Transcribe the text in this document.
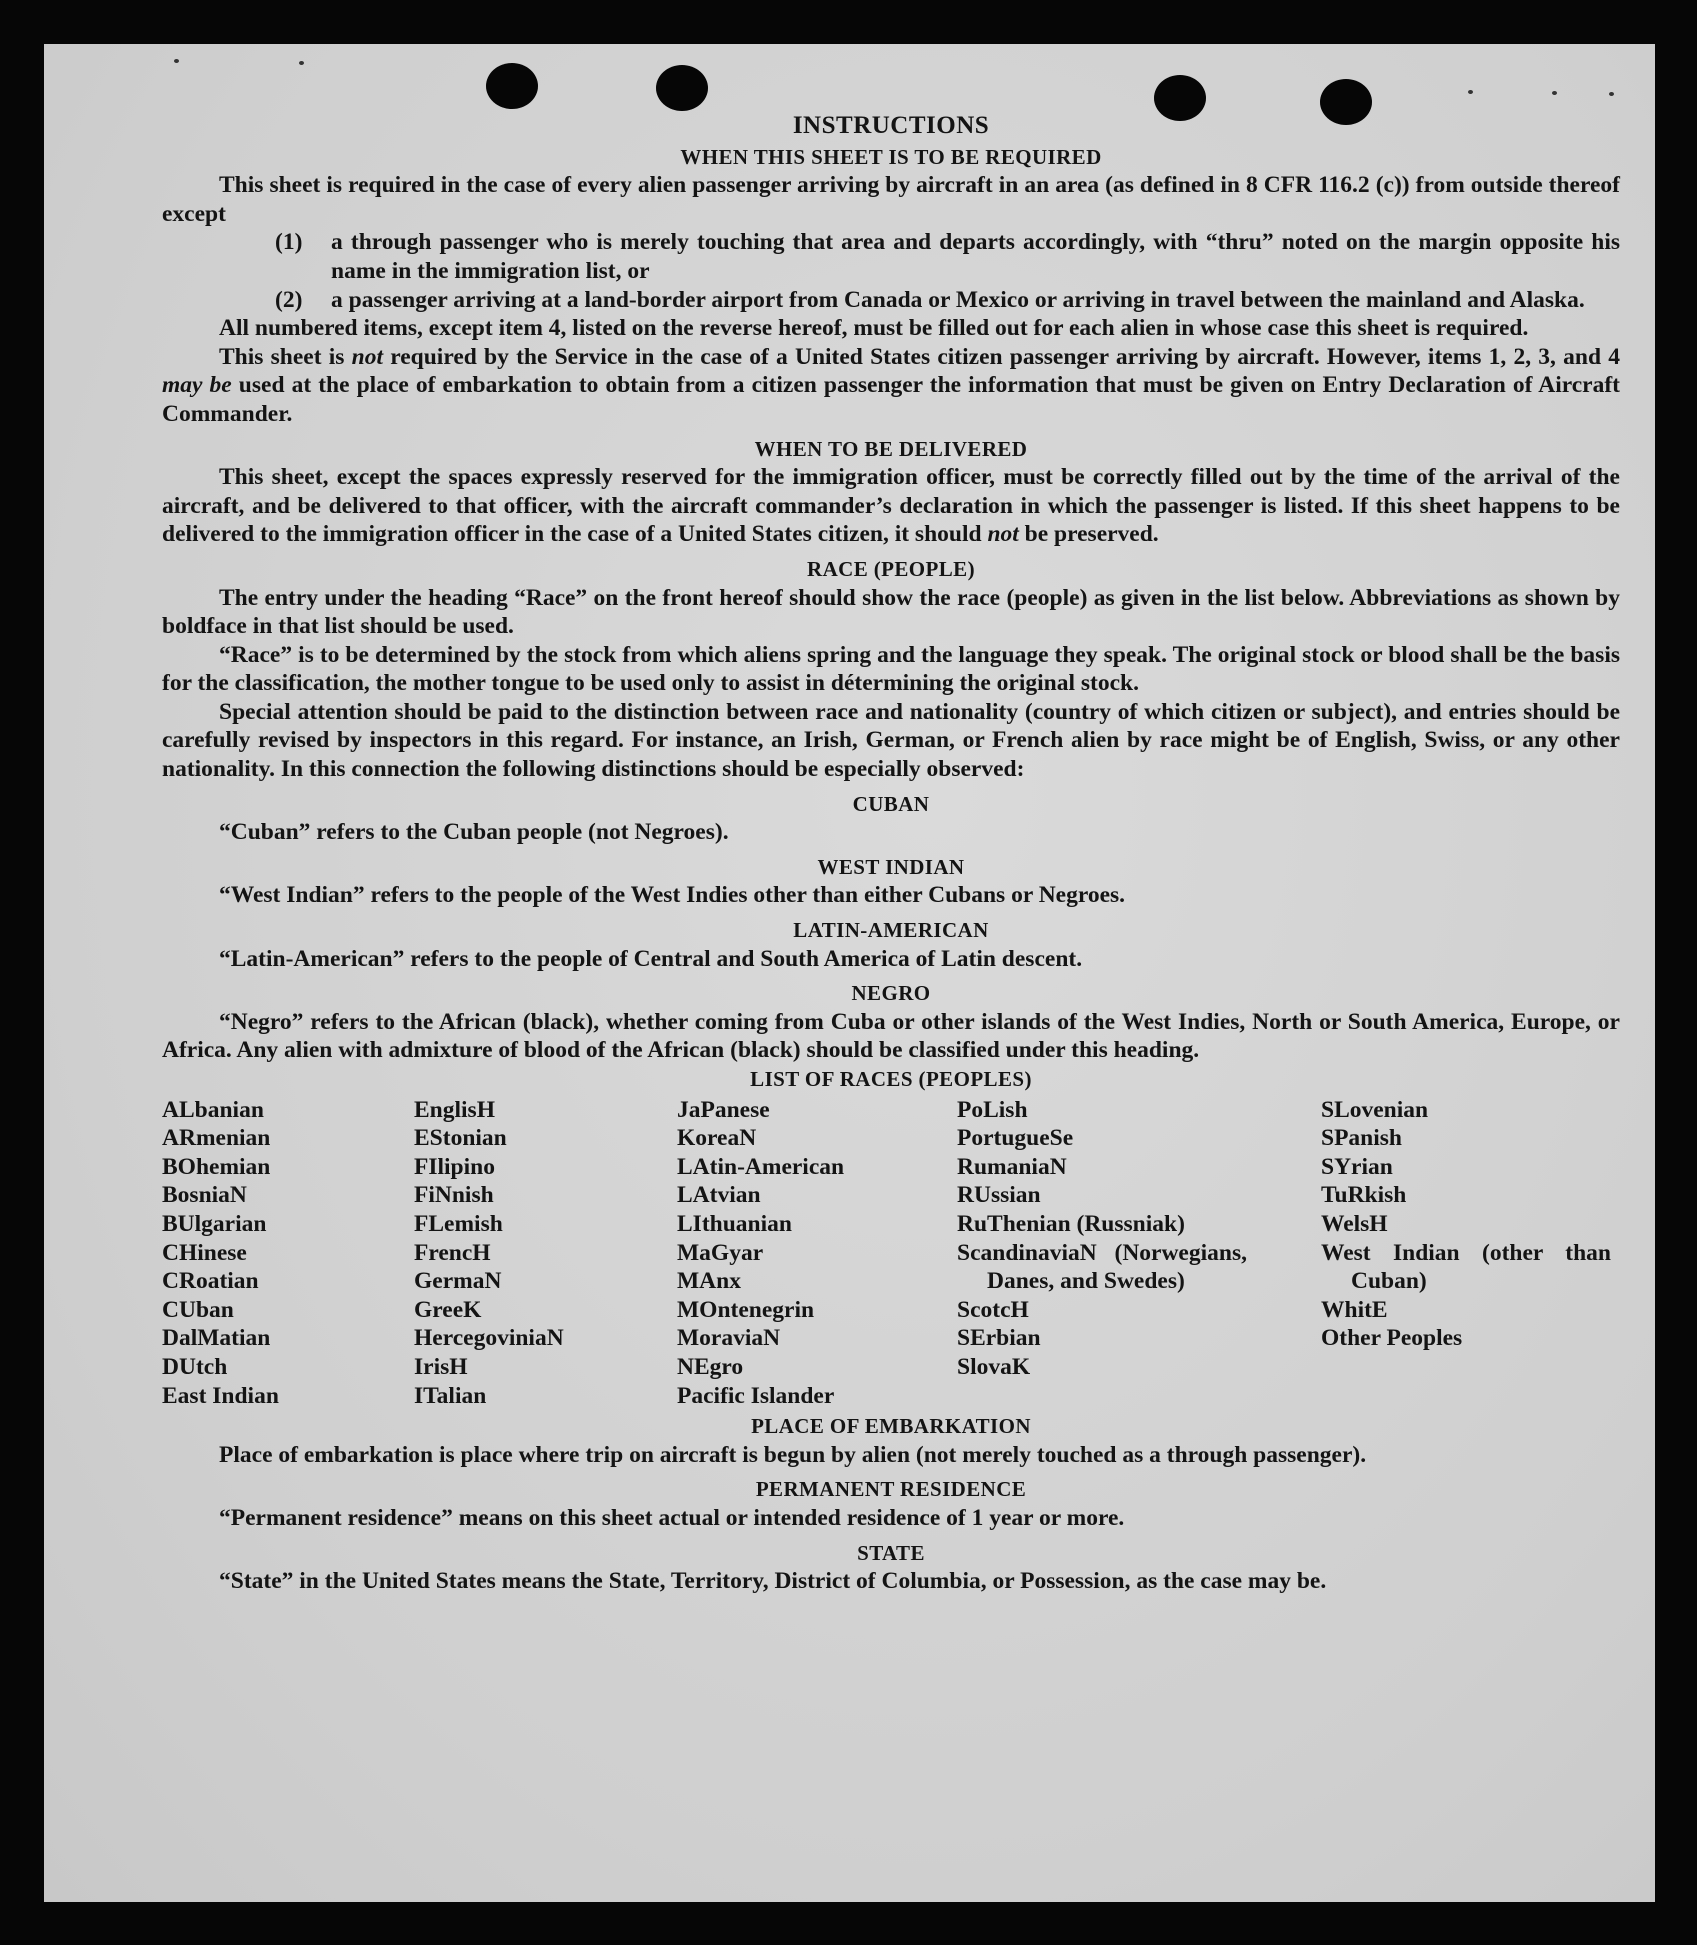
INSTRUCTIONS
WHEN THIS SHEET IS TO BE REQUIRED

This sheet is required in the case of every alien passenger arriving by aircraft in an area (as defined in 8 CFR 116.2 (c)) from outside thereof except

(1)	a through passenger who is merely touching that area and departs accordingly, with “thru” noted on the margin opposite his name in the immigration list, or
(2)	a passenger arriving at a land-border airport from Canada or Mexico or arriving in travel between the mainland and Alaska.

All numbered items, except item 4, listed on the reverse hereof, must be filled out for each alien in whose case this sheet is required.

This sheet is not required by the Service in the case of a United States citizen passenger arriving by aircraft. However, items 1, 2, 3, and 4 may be used at the place of embarkation to obtain from a citizen passenger the information that must be given on Entry Declaration of Aircraft Commander.

WHEN TO BE DELIVERED

This sheet, except the spaces expressly reserved for the immigration officer, must be correctly filled out by the time of the arrival of the aircraft, and be delivered to that officer, with the aircraft commander’s declaration in which the passenger is listed. If this sheet happens to be delivered to the immigration officer in the case of a United States citizen, it should not be preserved.

RACE (PEOPLE)

The entry under the heading “Race” on the front hereof should show the race (people) as given in the list below. Abbreviations as shown by boldface in that list should be used.

“Race” is to be determined by the stock from which aliens spring and the language they speak. The original stock or blood shall be the basis for the classification, the mother tongue to be used only to assist in détermining the original stock.

Special attention should be paid to the distinction between race and nationality (country of which citizen or subject), and entries should be carefully revised by inspectors in this regard. For instance, an Irish, German, or French alien by race might be of English, Swiss, or any other nationality. In this connection the following distinctions should be especially observed:

CUBAN

“Cuban” refers to the Cuban people (not Negroes).

WEST INDIAN

“West Indian” refers to the people of the West Indies other than either Cubans or Negroes.

LATIN-AMERICAN

“Latin-American” refers to the people of Central and South America of Latin descent.

NEGRO

“Negro” refers to the African (black), whether coming from Cuba or other islands of the West Indies, North or South America, Europe, or Africa. Any alien with admixture of blood of the African (black) should be classified under this heading.

LIST OF RACES (PEOPLES)
ALbanian
ARmenian
BOhemian
BosniaN
BUlgarian
CHinese
CRoatian
CUban
DalMatian
DUtch
East Indian
EnglisH
EStonian
FIlipino
FiNnish
FLemish
FrencH
GermaN
GreeK
HercegoviniaN
IrisH
ITalian
JaPanese
KoreaN
LAtin-American
LAtvian
LIthuanian
MaGyar
MAnx
MOntenegrin
MoraviaN
NEgro
Pacific Islander
PoLish
PortugueSe
RumaniaN
RUssian
RuThenian (Russniak)
ScandinaviaN (Norwegians, Danes, and Swedes)
ScotcH
SErbian
SlovaK
SLovenian
SPanish
SYrian
TuRkish
WelsH
West Indian (other than Cuban)
WhitE
Other Peoples
PLACE OF EMBARKATION

Place of embarkation is place where trip on aircraft is begun by alien (not merely touched as a through passenger).

PERMANENT RESIDENCE

“Permanent residence” means on this sheet actual or intended residence of 1 year or more.

STATE

“State” in the United States means the State, Territory, District of Columbia, or Possession, as the case may be.
